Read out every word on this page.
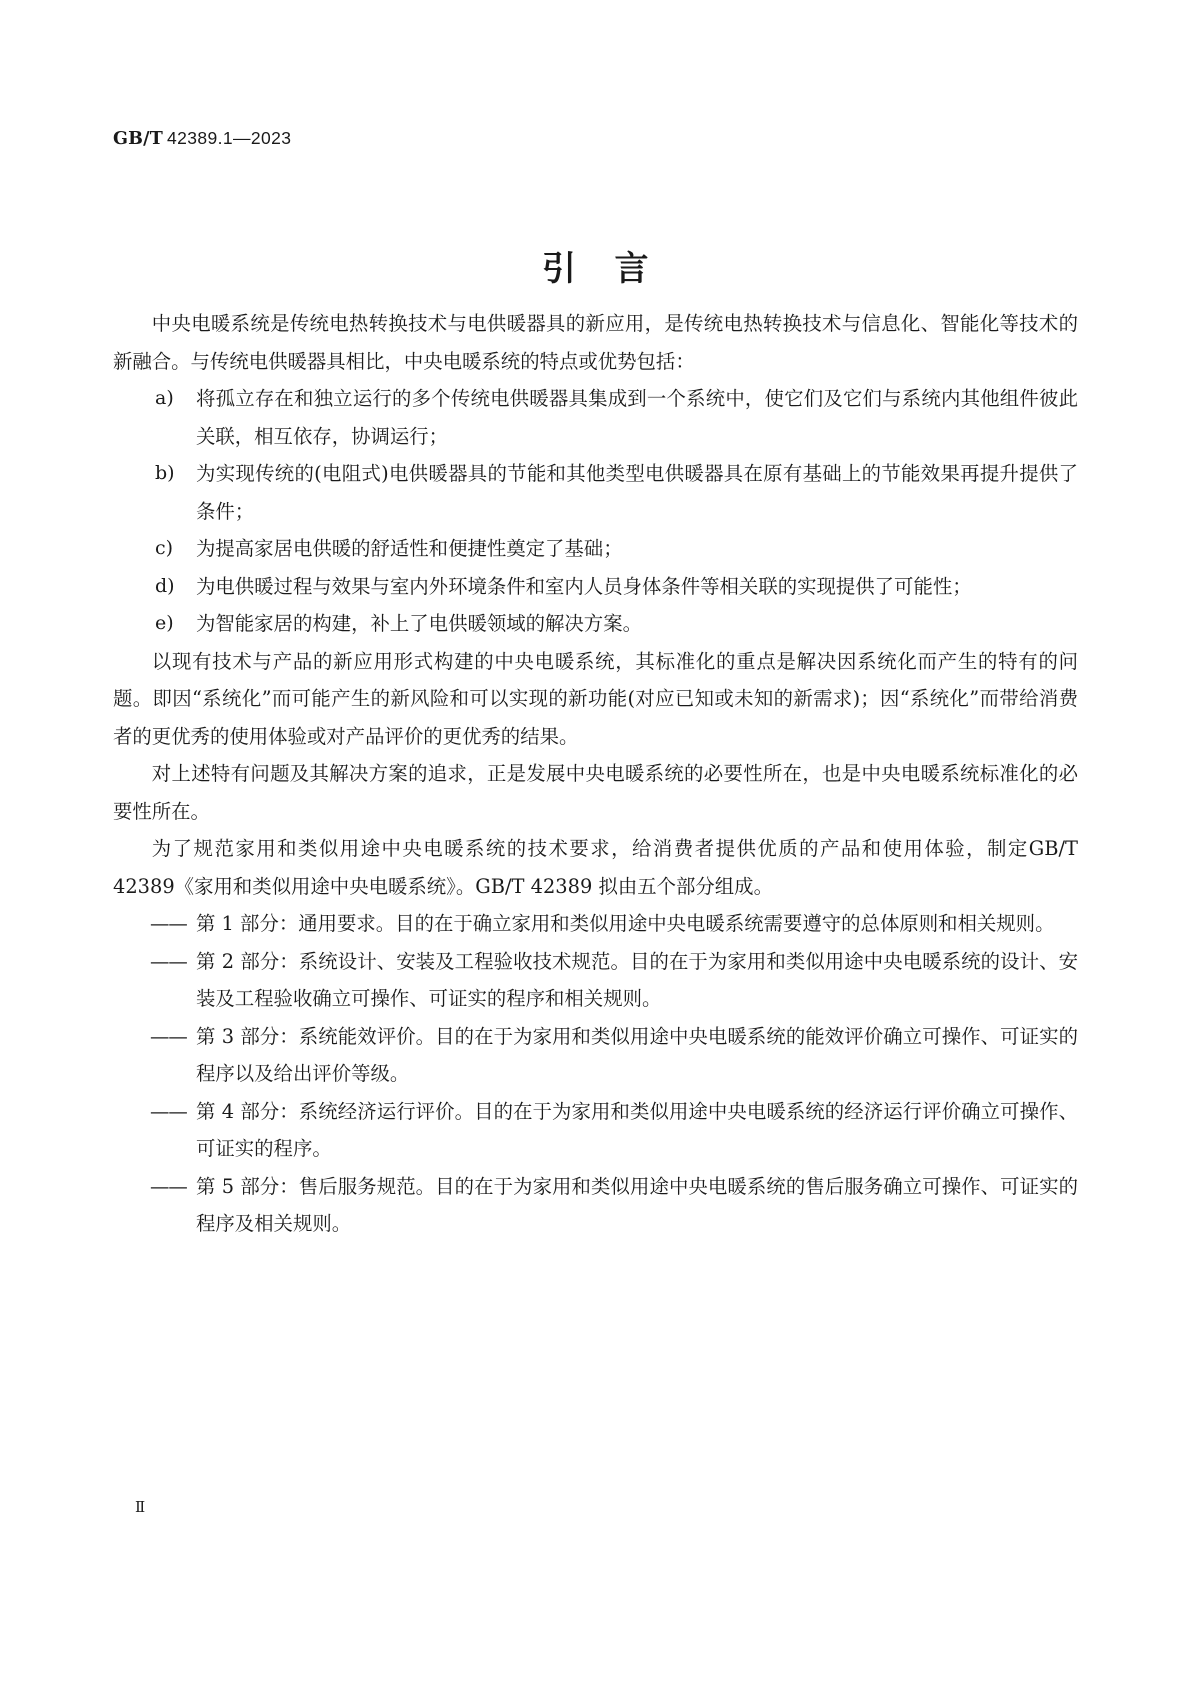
GB/T 42389.1—2023
引 言

中央电暖系统是传统电热转换技术与电供暖器具的新应用，是传统电热转换技术与信息化、智能化等技术的新融合。与传统电供暖器具相比，中央电暖系统的特点或优势包括：

a) 将孤立存在和独立运行的多个传统电供暖器具集成到一个系统中，使它们及它们与系统内其他组件彼此关联，相互依存，协调运行；
b) 为实现传统的(电阻式)电供暖器具的节能和其他类型电供暖器具在原有基础上的节能效果再提升提供了条件；
c) 为提高家居电供暖的舒适性和便捷性奠定了基础；
d) 为电供暖过程与效果与室内外环境条件和室内人员身体条件等相关联的实现提供了可能性；
e) 为智能家居的构建，补上了电供暖领域的解决方案。

以现有技术与产品的新应用形式构建的中央电暖系统，其标准化的重点是解决因系统化而产生的特有的问题。即因“系统化”而可能产生的新风险和可以实现的新功能(对应已知或未知的新需求)；因“系统化”而带给消费者的更优秀的使用体验或对产品评价的更优秀的结果。

对上述特有问题及其解决方案的追求，正是发展中央电暖系统的必要性所在，也是中央电暖系统标准化的必要性所在。

为了规范家用和类似用途中央电暖系统的技术要求，给消费者提供优质的产品和使用体验，制定GB/T 42389《家用和类似用途中央电暖系统》。GB/T 42389 拟由五个部分组成。

—— 第 1 部分：通用要求。目的在于确立家用和类似用途中央电暖系统需要遵守的总体原则和相关规则。
—— 第 2 部分：系统设计、安装及工程验收技术规范。目的在于为家用和类似用途中央电暖系统的设计、安装及工程验收确立可操作、可证实的程序和相关规则。
—— 第 3 部分：系统能效评价。目的在于为家用和类似用途中央电暖系统的能效评价确立可操作、可证实的程序以及给出评价等级。
—— 第 4 部分：系统经济运行评价。目的在于为家用和类似用途中央电暖系统的经济运行评价确立可操作、可证实的程序。
—— 第 5 部分：售后服务规范。目的在于为家用和类似用途中央电暖系统的售后服务确立可操作、可证实的程序及相关规则。
Ⅱ
